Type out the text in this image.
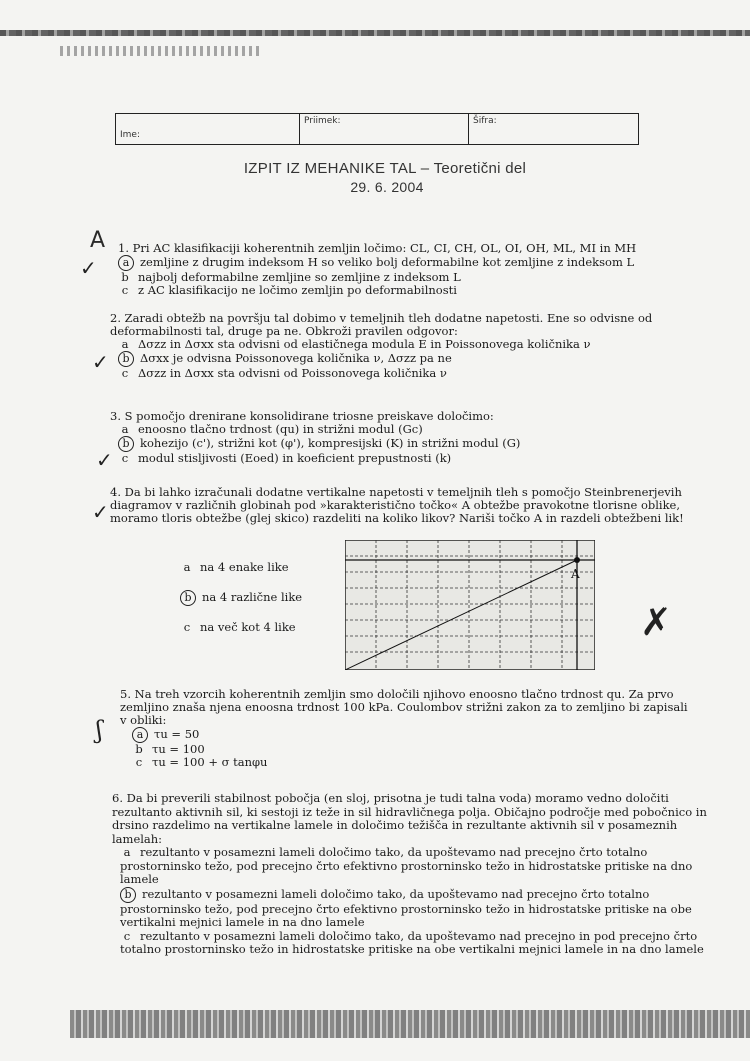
Ime:
Priimek:	Šifra:
IZPIT IZ MEHANIKE TAL – Teoretični del
29. 6. 2004
A 1. Pri AC klasifikaciji koherentnih zemljin ločimo: CL, CI, CH, OL, OI, OH, ML, MI in MH
a zemljine z drugim indeksom H so veliko bolj deformabilne kot zemljine z indeksom L
b najbolj deformabilne zemljine so zemljine z indeksom L
c z AC klasifikacijo ne ločimo zemljin po deformabilnosti
2. Zaradi obtežb na površju tal dobimo v temeljnih tleh dodatne napetosti. Ene so odvisne od deformabilnosti tal, druge pa ne. Obkroži pravilen odgovor:
a Δσzz in Δσxx sta odvisni od elastičnega modula E in Poissonovega količnika ν
b Δσxx je odvisna Poissonovega količnika ν, Δσzz pa ne
c Δσzz in Δσxx sta odvisni od Poissonovega količnika ν
3. S pomočjo drenirane konsolidirane triosne preiskave določimo:
a enoosno tlačno trdnost (qu) in strižni modul (Gc)
b kohezijo (c'), strižni kot (φ'), kompresijski (K) in strižni modul (G)
c modul stisljivosti (Eoed) in koeficient prepustnosti (k)
4. Da bi lahko izračunali dodatne vertikalne napetosti v temeljnih tleh s pomočjo Steinbrenerjevih diagramov v različnih globinah pod »karakteristično točko« A obtežbe pravokotne tlorisne oblike, moramo tloris obtežbe (glej skico) razdeliti na koliko likov? Nariši točko A in razdeli obtežbeni lik!
a na 4 enake like
b na 4 različne like
c na več kot 4 like
A
5. Na treh vzorcih koherentnih zemljin smo določili njihovo enoosno tlačno trdnost qu. Za prvo zemljino znaša njena enoosna trdnost 100 kPa. Coulombov strižni zakon za to zemljino bi zapisali v obliki:
a τu = 50
b τu = 100
c τu = 100 + σ tanφu
6. Da bi preverili stabilnost pobočja (en sloj, prisotna je tudi talna voda) moramo vedno določiti rezultanto aktivnih sil, ki sestoji iz teže in sil hidravličnega polja. Običajno področje med pobočnico in drsino razdelimo na vertikalne lamele in določimo težišča in rezultante aktivnih sil v posameznih lamelah:
a rezultanto v posamezni lameli določimo tako, da upoštevamo nad precejno črto totalno prostorninsko težo, pod precejno črto efektivno prostorninsko težo in hidrostatske pritiske na dno lamele
b rezultanto v posamezni lameli določimo tako, da upoštevamo nad precejno črto totalno prostorninsko težo, pod precejno črto efektivno prostorninsko težo in hidrostatske pritiske na obe vertikalni mejnici lamele in na dno lamele
c rezultanto v posamezni lameli določimo tako, da upoštevamo nad precejno in pod precejno črto totalno prostorninsko težo in hidrostatske pritiske na obe vertikalni mejnici lamele in na dno lamele
✓
✓
✓
✓
ʃ
✗
